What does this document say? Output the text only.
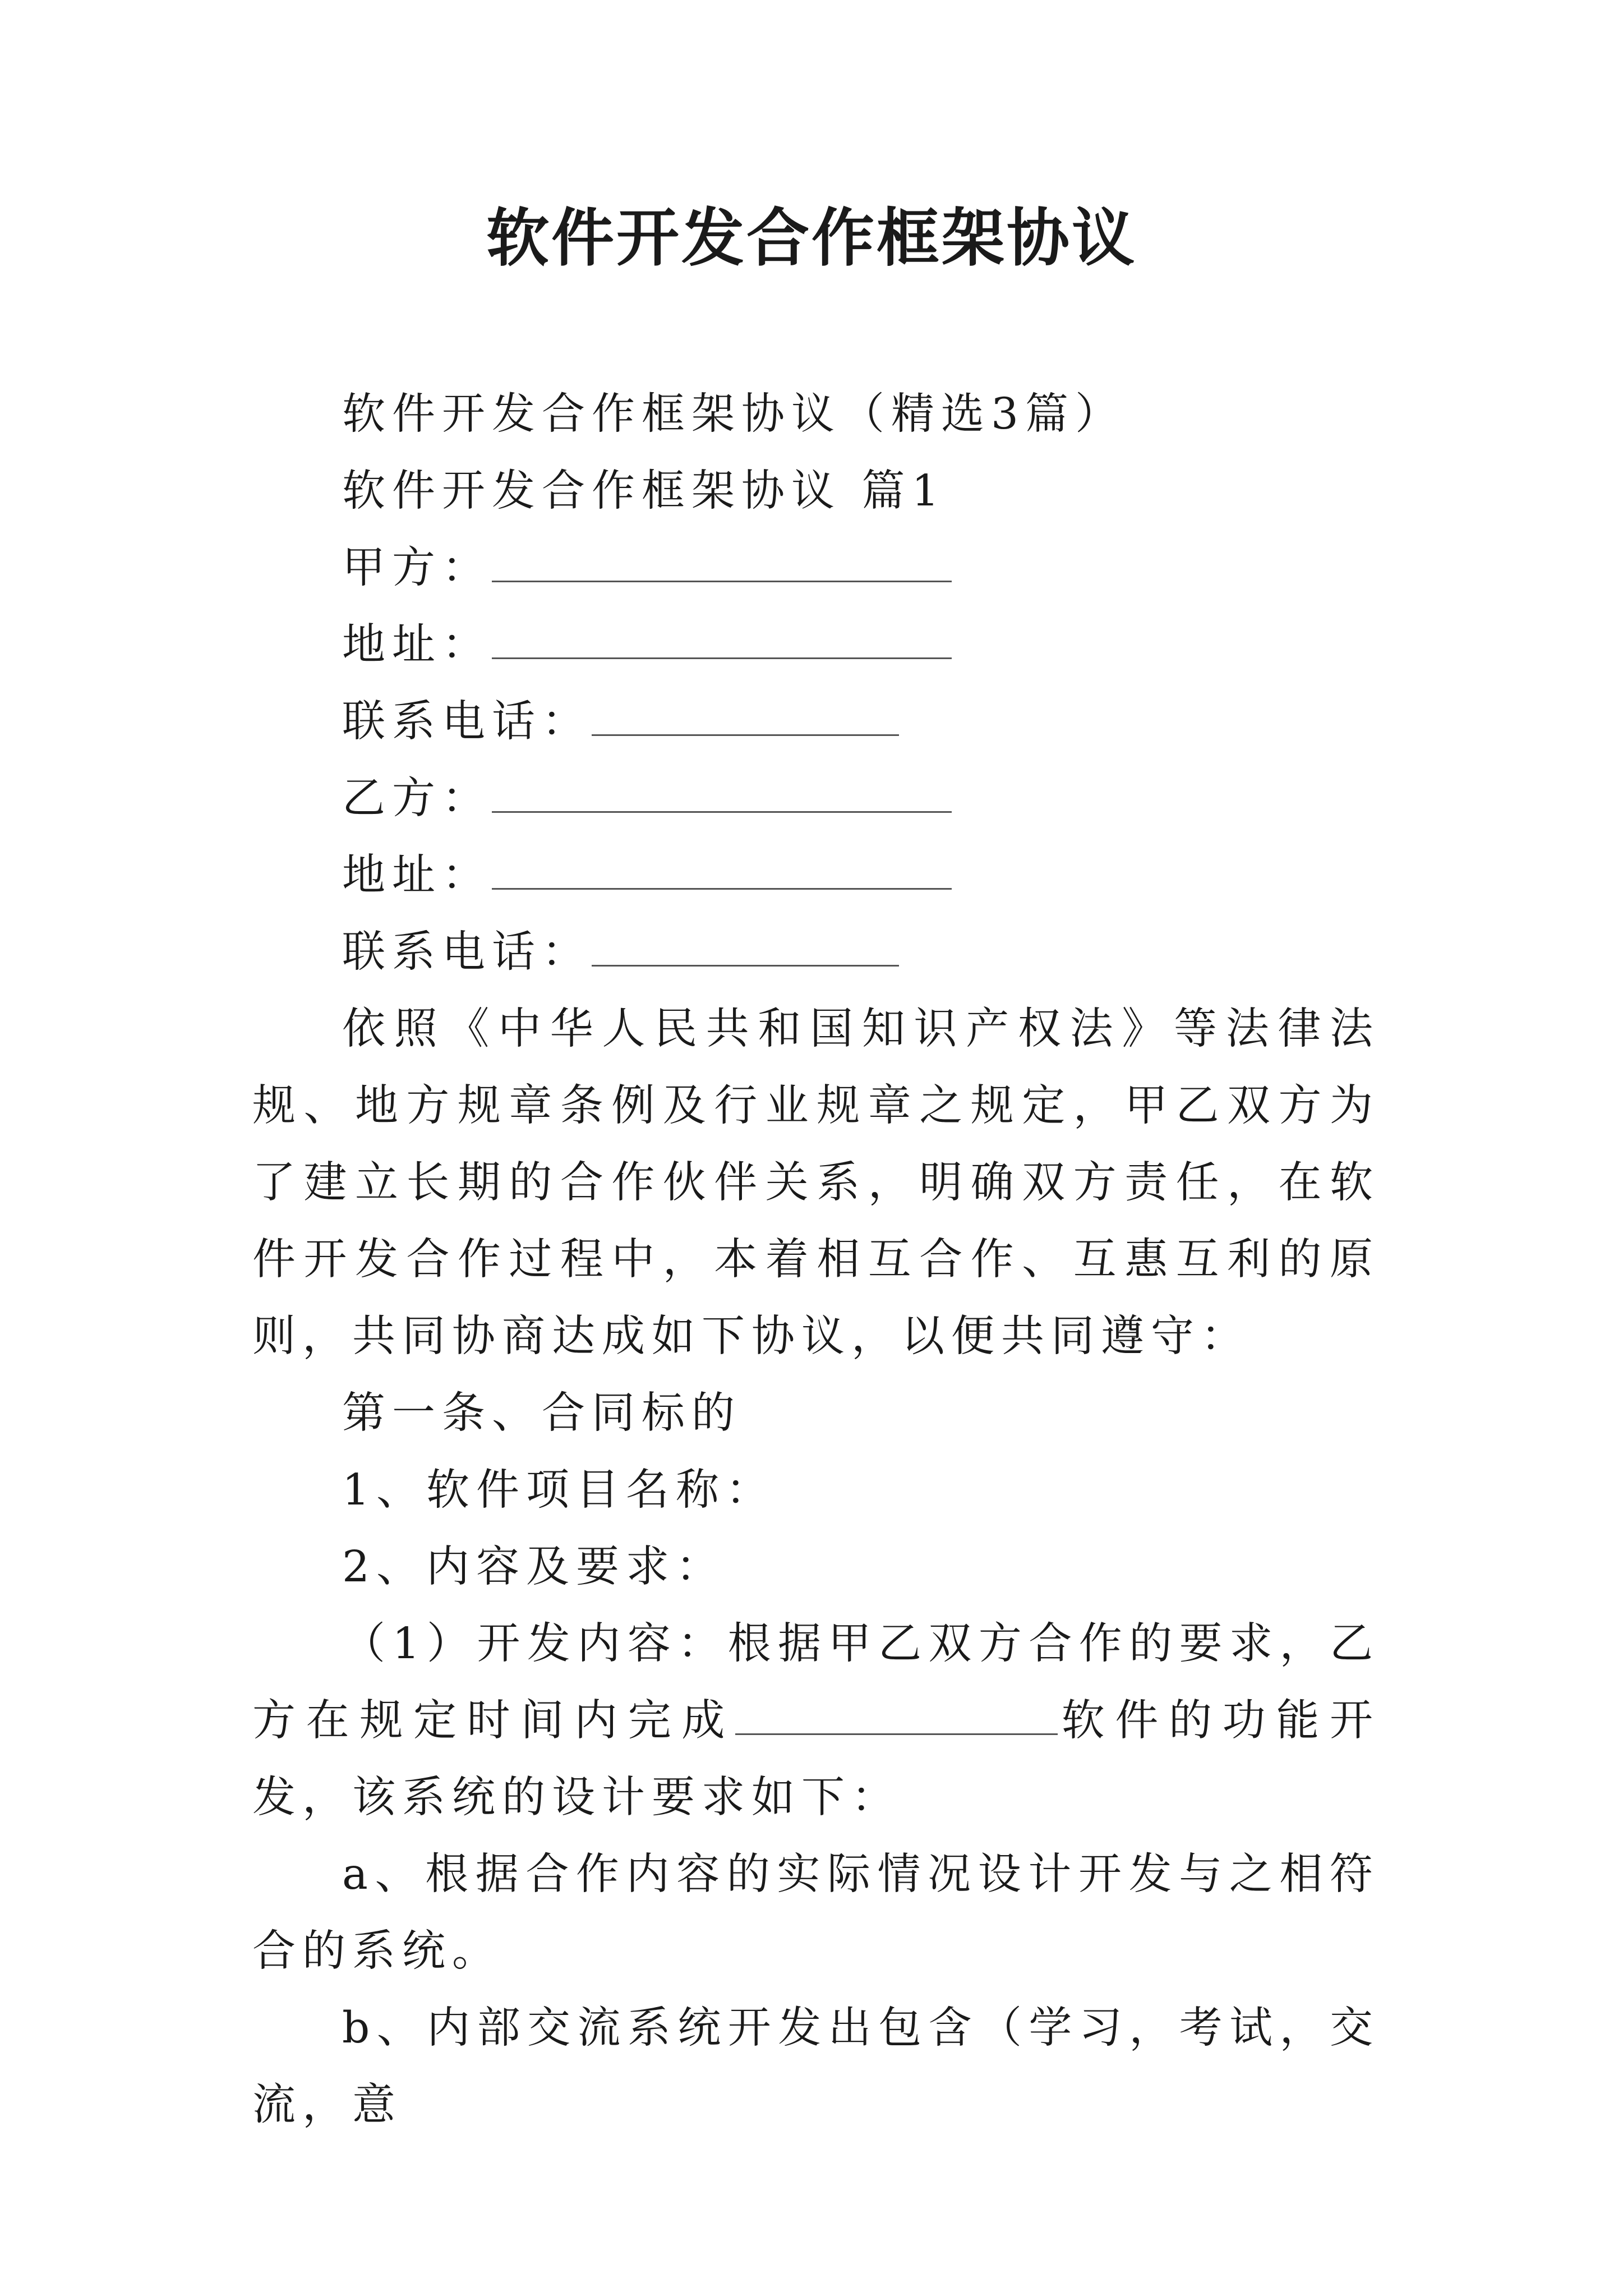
软件开发合作框架协议

软件开发合作框架协议（精选3篇）

软件开发合作框架协议 篇1

甲方：

地址：

联系电话：

乙方：

地址：

联系电话：

依照《中华人民共和国知识产权法》等法律法规、地方规章条例及行业规章之规定，甲乙双方为了建立长期的合作伙伴关系，明确双方责任，在软件开发合作过程中，本着相互合作、互惠互利的原则，共同协商达成如下协议，以便共同遵守：

第一条、合同标的

1、软件项目名称：

2、内容及要求：

（1）开发内容：根据甲乙双方合作的要求，乙方在规定时间内完成	软件的功能开发，该系统的设计要求如下：

a、根据合作内容的实际情况设计开发与之相符合的系统。

b、内部交流系统开发出包含（学习，考试，交流，意
